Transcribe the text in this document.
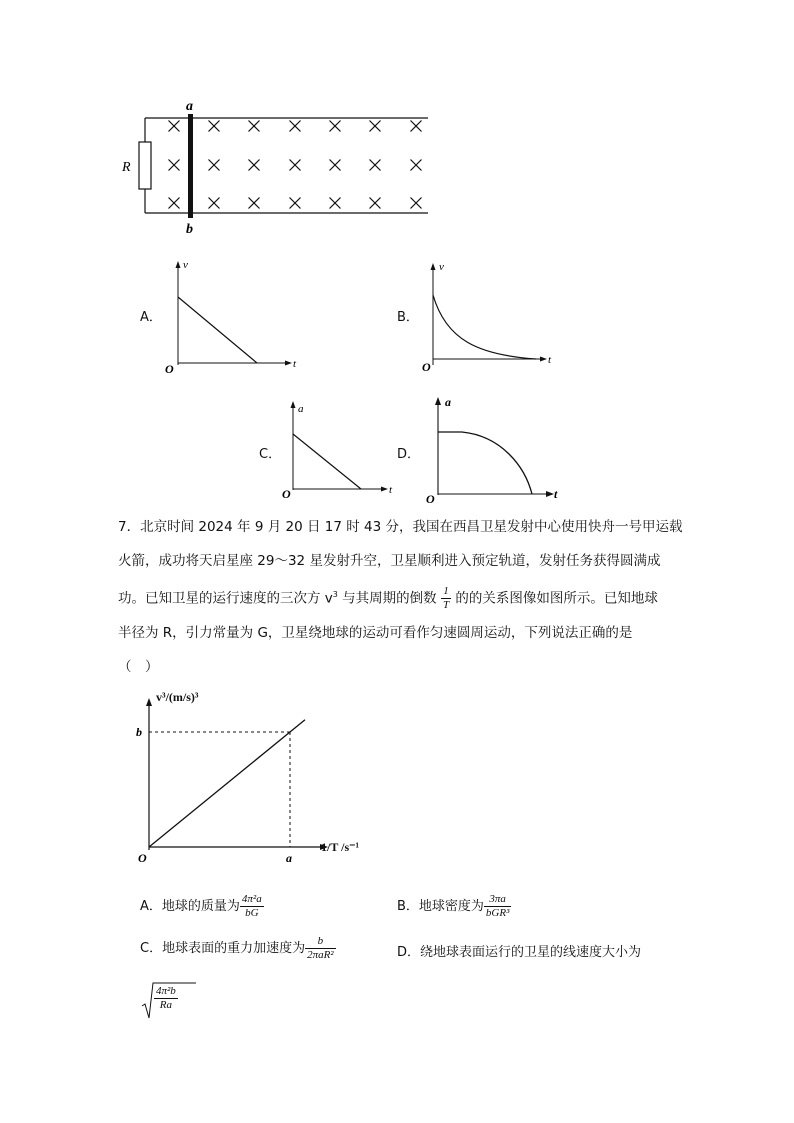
R
a
b
A．
v
t
O
B．
v
t
O
C．
a
t
O
D．
a
t
O
7．北京时间 2024 年 9 月 20 日 17 时 43 分，我国在西昌卫星发射中心使用快舟一号甲运载
火箭，成功将天启星座 29～32 星发射升空，卫星顺利进入预定轨道，发射任务获得圆满成
功。已知卫星的运行速度的三次方 $v^3$ 与其周期的倒数 $\frac{1}{T}$ 的的关系图像如图所示。已知地球
半径为 R，引力常量为 G，卫星绕地球的运动可看作匀速圆周运动，下列说法正确的是
（　）
O	a
b
v³/(m/s)³
1/T /s⁻¹
A．地球的质量为 $\frac{\text{4π²a}}{bG}$	B．地球密度为 $\frac{3\pi a}{\text{bGR³}}$
C．地球表面的重力加速度为 $\frac{b}{\text{2πaR²}}$	D．绕地球表面运行的卫星的线速度大小为
$\frac{\text{4π²b}}{Ra}$
